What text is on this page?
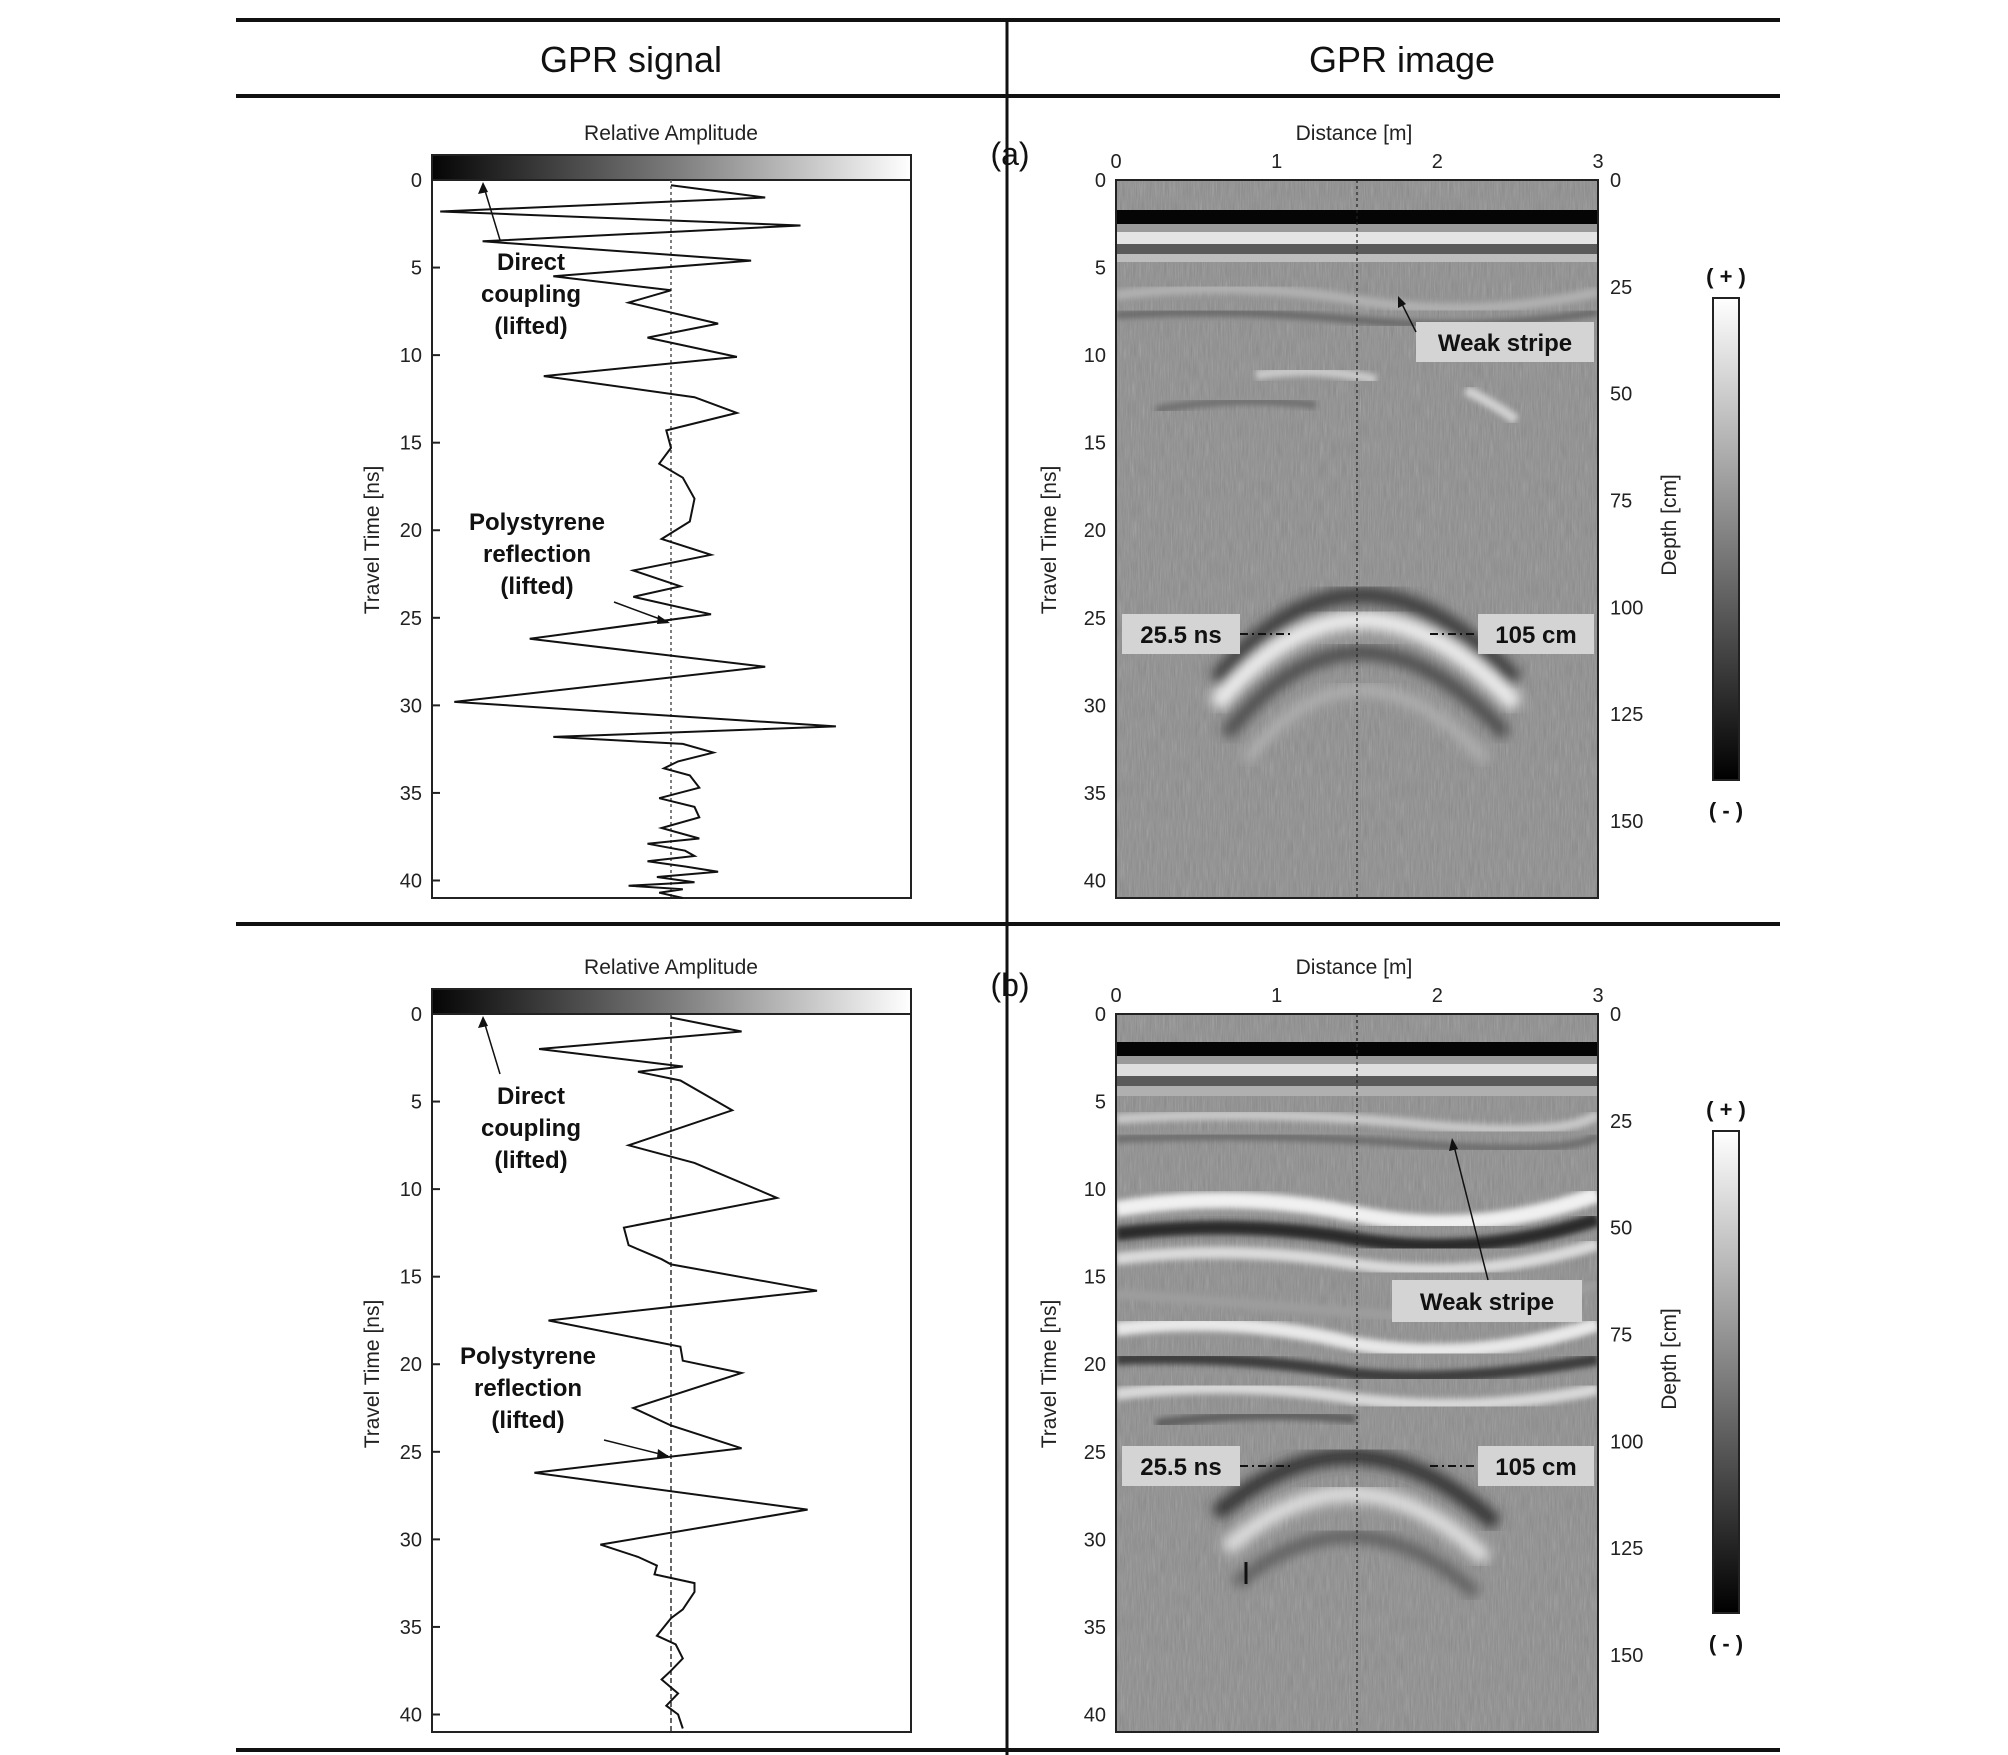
GPR signal	GPR image
Relative Amplitude
0
5
10
15
20
25
30
35
40
Travel Time [ns]
Direct
coupling
(lifted)
Polystyrene
reflection
(lifted)
(a)
Distance [m]
0	1	2	3
0
5
10
15
20
25
30
35
40
0
25
50
75
100
125
150
Travel Time [ns]	Depth [cm]
25.5 ns	105 cm
Weak stripe
( + )
( - )
Relative Amplitude
0
5
10
15
20
25
30
35
40
Travel Time [ns]
Direct
coupling
(lifted)
Polystyrene
reflection
(lifted)
(b)	Distance [m]
0	1	2	3
0
5
10
15
20
25
30
35
40
0
25
50
75
100
125
150
Travel Time [ns]	Depth [cm]
25.5 ns	105 cm
Weak stripe
( + )
( - )
